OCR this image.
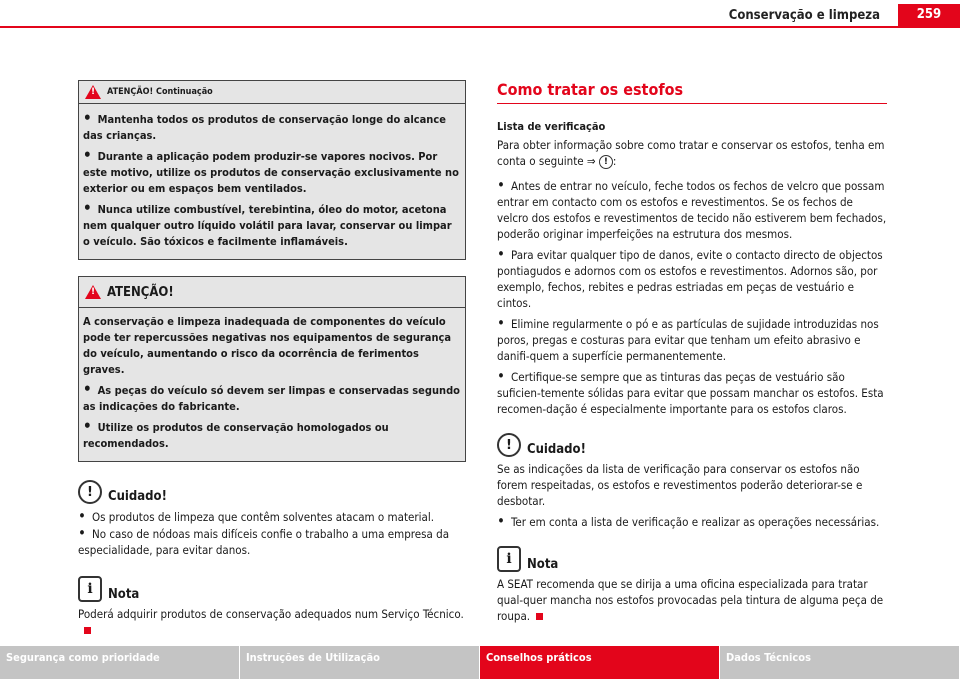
Conservação e limpeza	259
!
ATENÇÃO! Continuação

• Mantenha todos os produtos de conservação longe do alcance das crianças.

• Durante a aplicação podem produzir-se vapores nocivos. Por este motivo, utilize os produtos de conservação exclusivamente no exterior ou em espaços bem ventilados.

• Nunca utilize combustível, terebintina, óleo do motor, acetona nem qualquer outro líquido volátil para lavar, conservar ou limpar o veículo. São tóxicos e facilmente inflamáveis.

!
ATENÇÃO!

A conservação e limpeza inadequada de componentes do veículo pode ter repercussões negativas nos equipamentos de segurança do veículo, aumentando o risco da ocorrência de ferimentos graves.

• As peças do veículo só devem ser limpas e conservadas segundo as indicações do fabricante.

• Utilize os produtos de conservação homologados ou recomendados.

!	Cuidado!

• Os produtos de limpeza que contêm solventes atacam o material.

• No caso de nódoas mais difíceis confie o trabalho a uma empresa da especialidade, para evitar danos.

i	Nota

Poderá adquirir produtos de conservação adequados num Serviço Técnico.

Como tratar os estofos
Lista de verificação

Para obter informação sobre como tratar e conservar os estofos, tenha em conta o seguinte ⇒ ! :

• Antes de entrar no veículo, feche todos os fechos de velcro que possam entrar em contacto com os estofos e revestimentos. Se os fechos de velcro dos estofos e revestimentos de tecido não estiverem bem fechados, poderão originar imperfeições na estrutura dos mesmos.

• Para evitar qualquer tipo de danos, evite o contacto directo de objectos pontiagudos e adornos com os estofos e revestimentos. Adornos são, por exemplo, fechos, rebites e pedras estriadas em peças de vestuário e cintos.

• Elimine regularmente o pó e as partículas de sujidade introduzidas nos poros, pregas e costuras para evitar que tenham um efeito abrasivo e danifi-quem a superfície permanentemente.

• Certifique-se sempre que as tinturas das peças de vestuário são suficien-temente sólidas para evitar que possam manchar os estofos. Esta recomen-dação é especialmente importante para os estofos claros.

!	Cuidado!

Se as indicações da lista de verificação para conservar os estofos não forem respeitadas, os estofos e revestimentos poderão deteriorar-se e desbotar.

• Ter em conta a lista de verificação e realizar as operações necessárias.

i	Nota

A SEAT recomenda que se dirija a uma oficina especializada para tratar qual-quer mancha nos estofos provocadas pela tintura de alguma peça de roupa.

Segurança como prioridade	Instruções de Utilização	Conselhos práticos	Dados Técnicos
